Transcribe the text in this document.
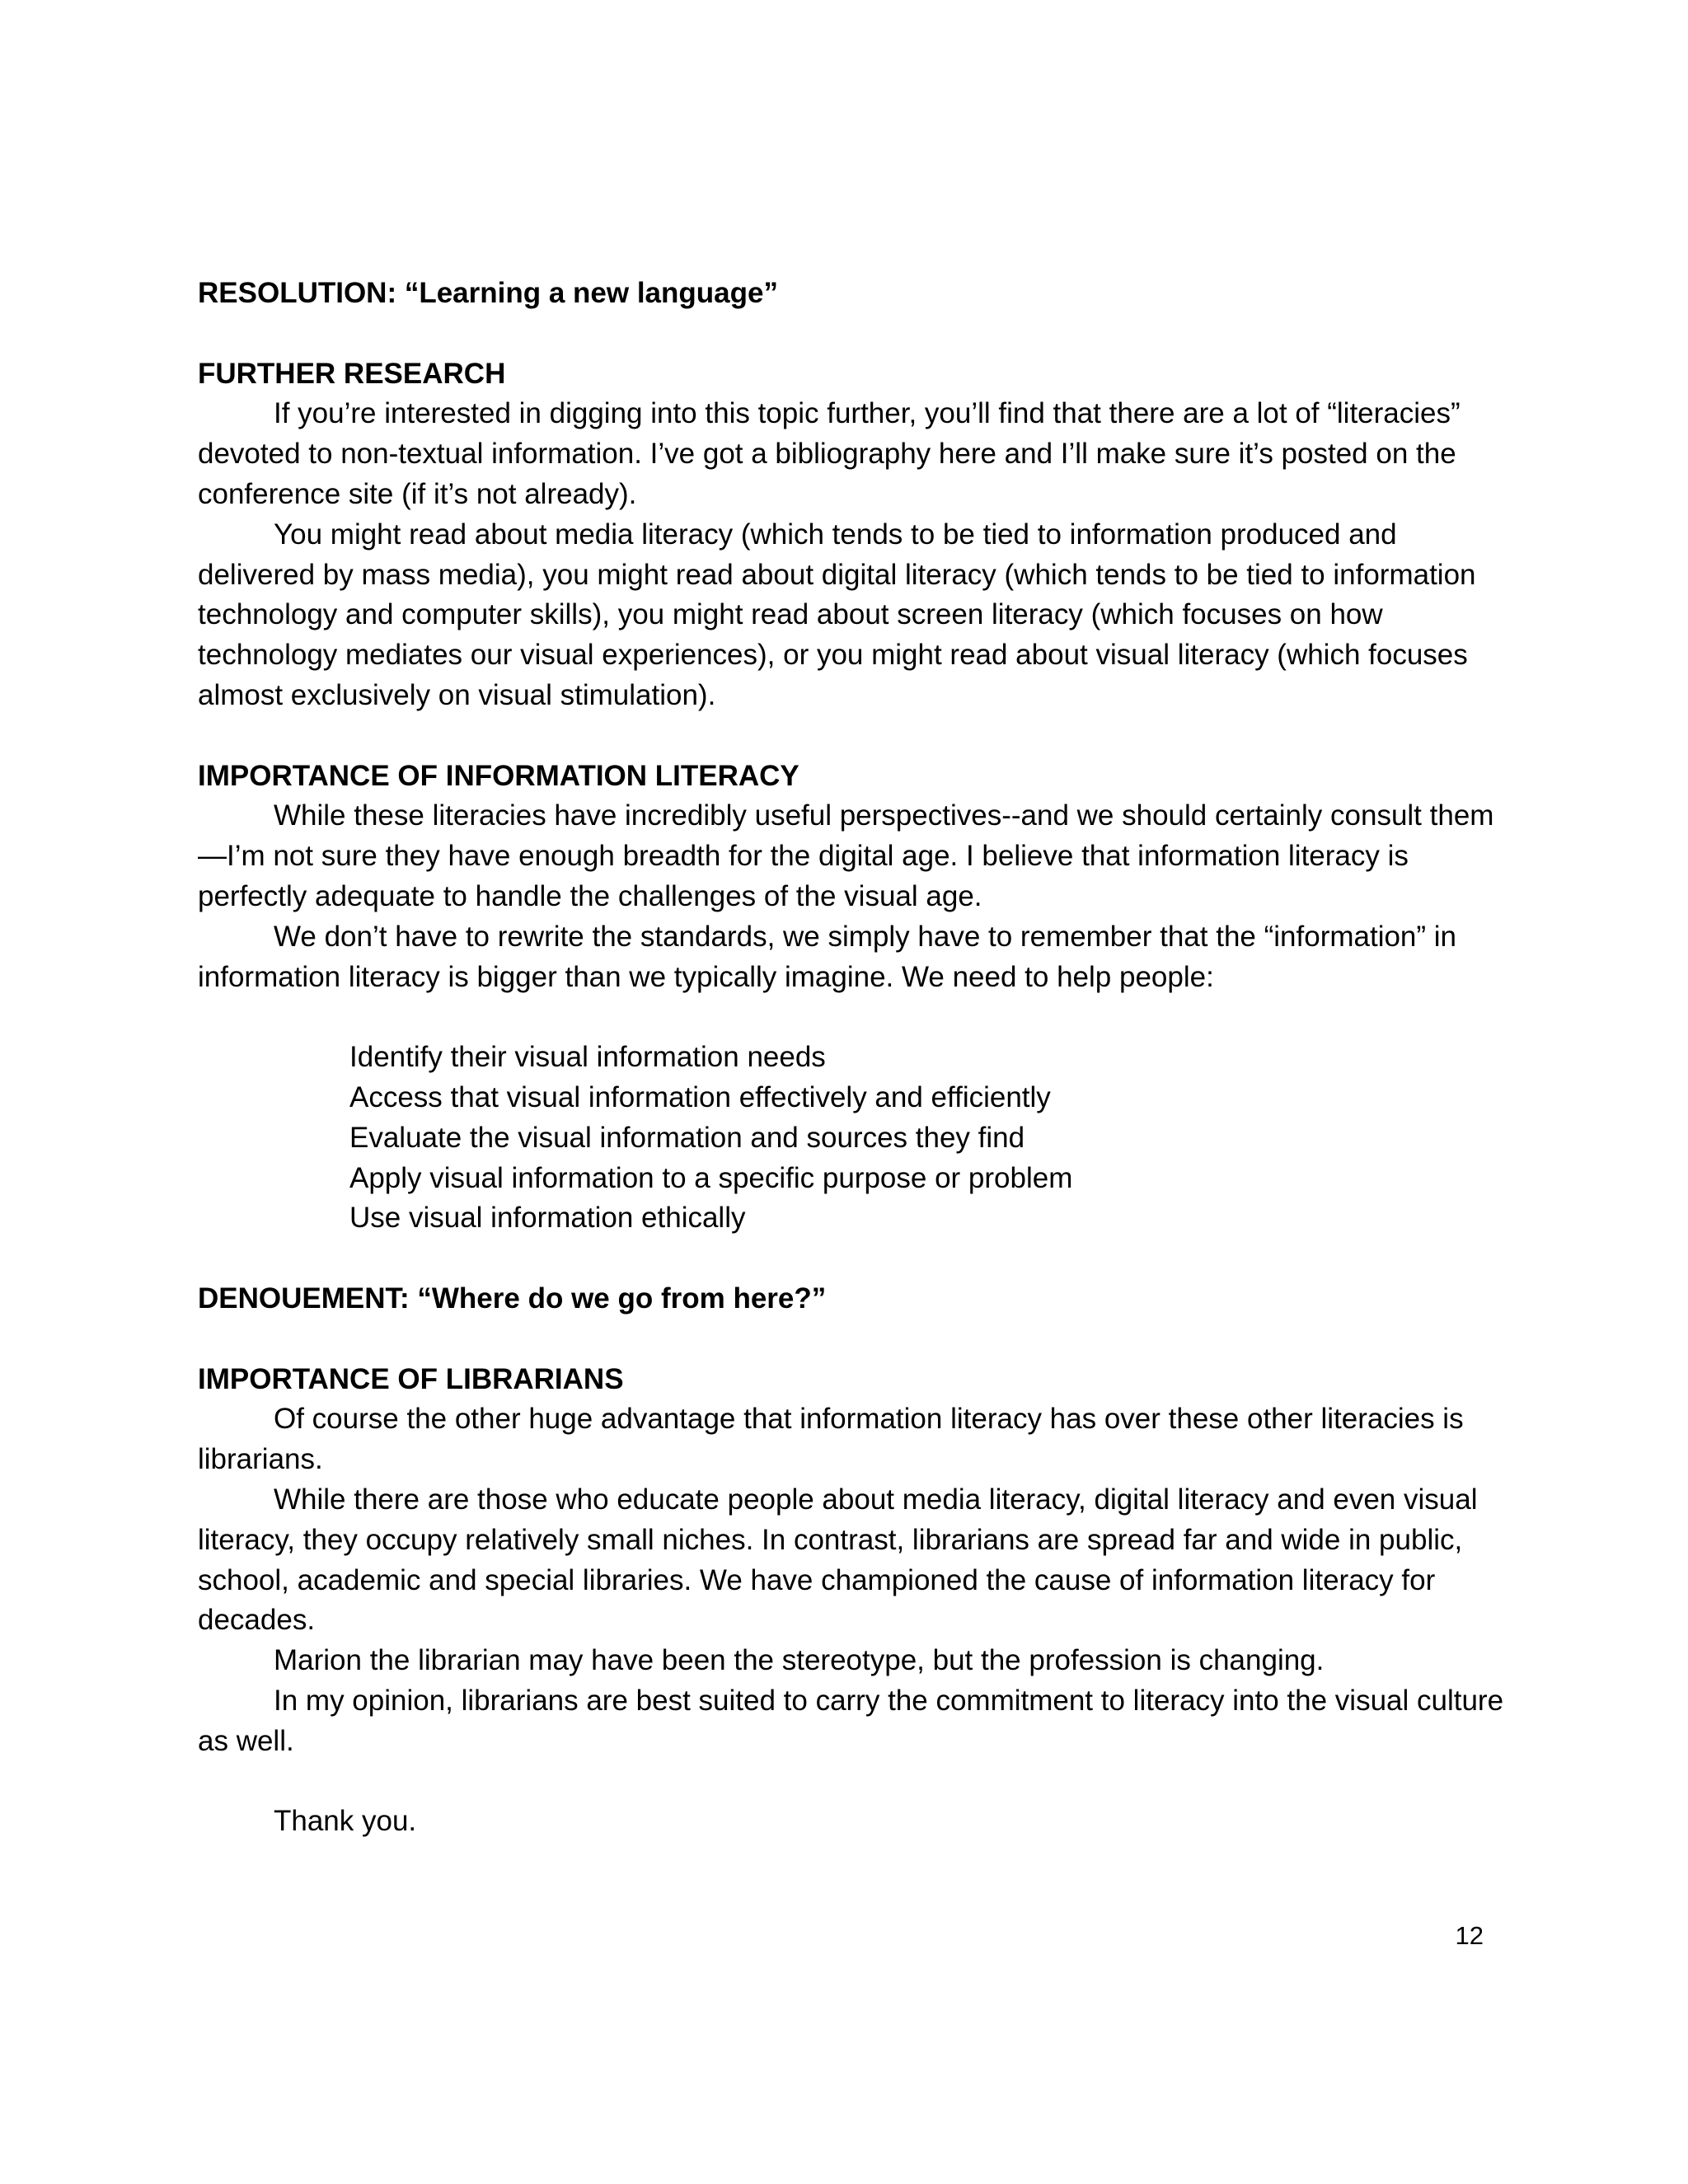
RESOLUTION: “Learning a new language”

FURTHER RESEARCH

If you’re interested in digging into this topic further, you’ll find that there are a lot of “literacies” devoted to non-textual information. I’ve got a bibliography here and I’ll make sure it’s posted on the conference site (if it’s not already).

You might read about media literacy (which tends to be tied to information produced and delivered by mass media), you might read about digital literacy (which tends to be tied to information technology and computer skills), you might read about screen literacy (which focuses on how technology mediates our visual experiences), or you might read about visual literacy (which focuses almost exclusively on visual stimulation).

IMPORTANCE OF INFORMATION LITERACY

While these literacies have incredibly useful perspectives--and we should certainly consult them—I’m not sure they have enough breadth for the digital age. I believe that information literacy is perfectly adequate to handle the challenges of the visual age.

We don’t have to rewrite the standards, we simply have to remember that the “information” in information literacy is bigger than we typically imagine. We need to help people:

Identify their visual information needs
Access that visual information effectively and efficiently
Evaluate the visual information and sources they find
Apply visual information to a specific purpose or problem
Use visual information ethically

DENOUEMENT: “Where do we go from here?”

IMPORTANCE OF LIBRARIANS

Of course the other huge advantage that information literacy has over these other literacies is librarians.

While there are those who educate people about media literacy, digital literacy and even visual literacy, they occupy relatively small niches. In contrast, librarians are spread far and wide in public, school, academic and special libraries. We have championed the cause of information literacy for decades.

Marion the librarian may have been the stereotype, but the profession is changing.

In my opinion, librarians are best suited to carry the commitment to literacy into the visual culture as well.

Thank you.

12
